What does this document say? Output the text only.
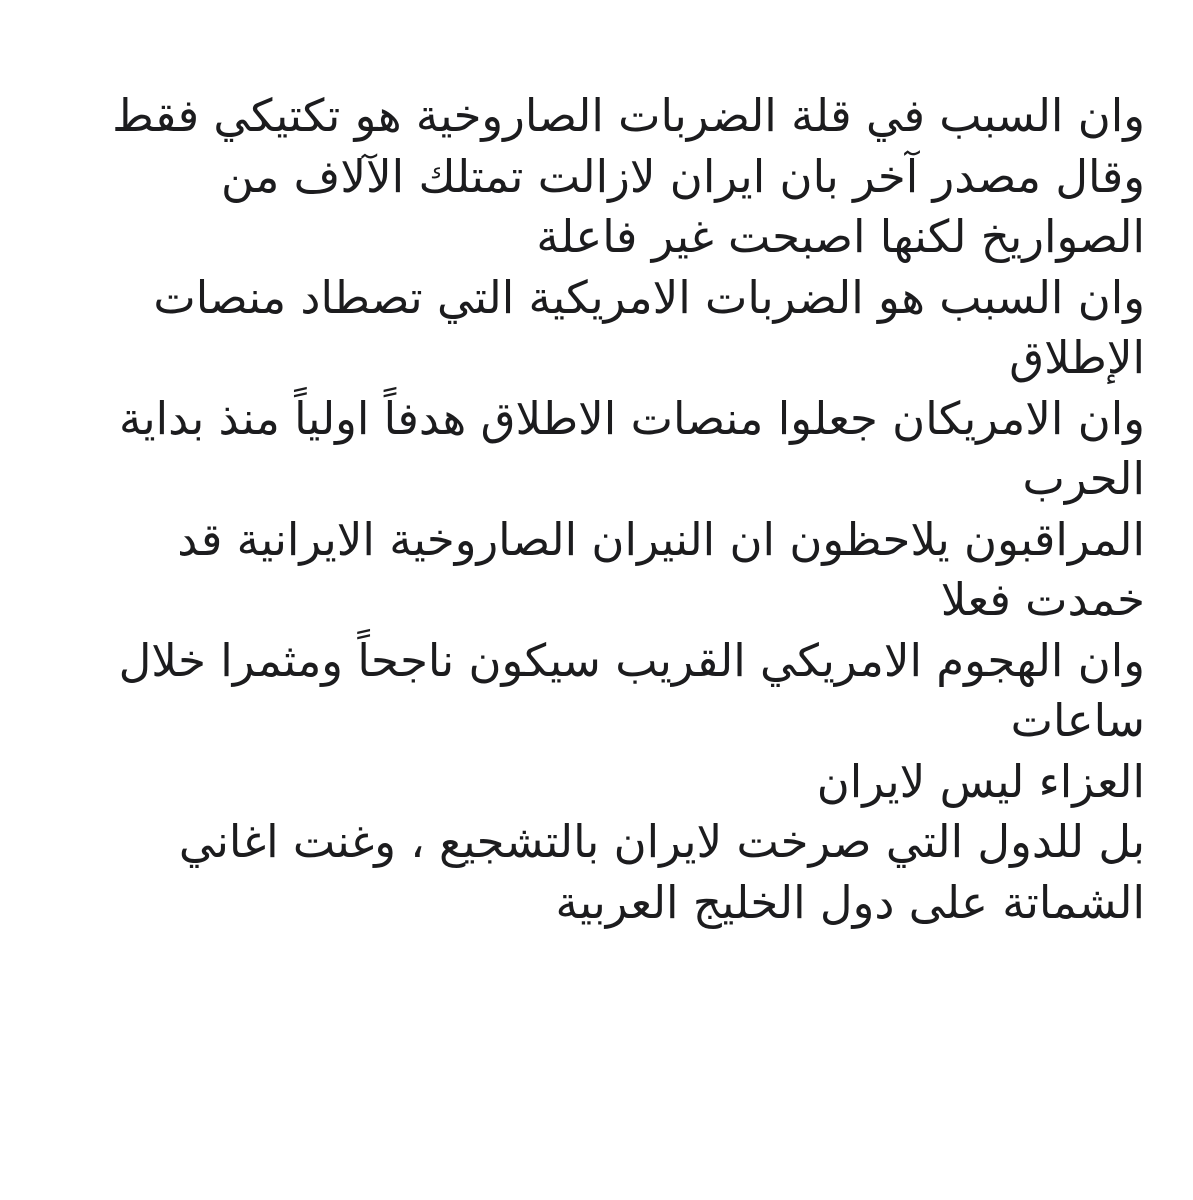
وان السبب في قلة الضربات الصاروخية هو تكتيكي فقط
وقال مصدر آخر بان ايران لازالت تمتلك الآلاف من
الصواريخ لكنها اصبحت غير فاعلة
وان السبب هو الضربات الامريكية التي تصطاد منصات
الإطلاق
وان الامريكان جعلوا منصات الاطلاق هدفاً اولياً منذ بداية
الحرب
المراقبون يلاحظون ان النيران الصاروخية الايرانية قد
خمدت فعلا
وان الهجوم الامريكي القريب سيكون ناجحاً ومثمرا خلال
ساعات
العزاء ليس لايران
بل للدول التي صرخت لايران بالتشجيع ، وغنت اغاني
الشماتة على دول الخليج العربية
